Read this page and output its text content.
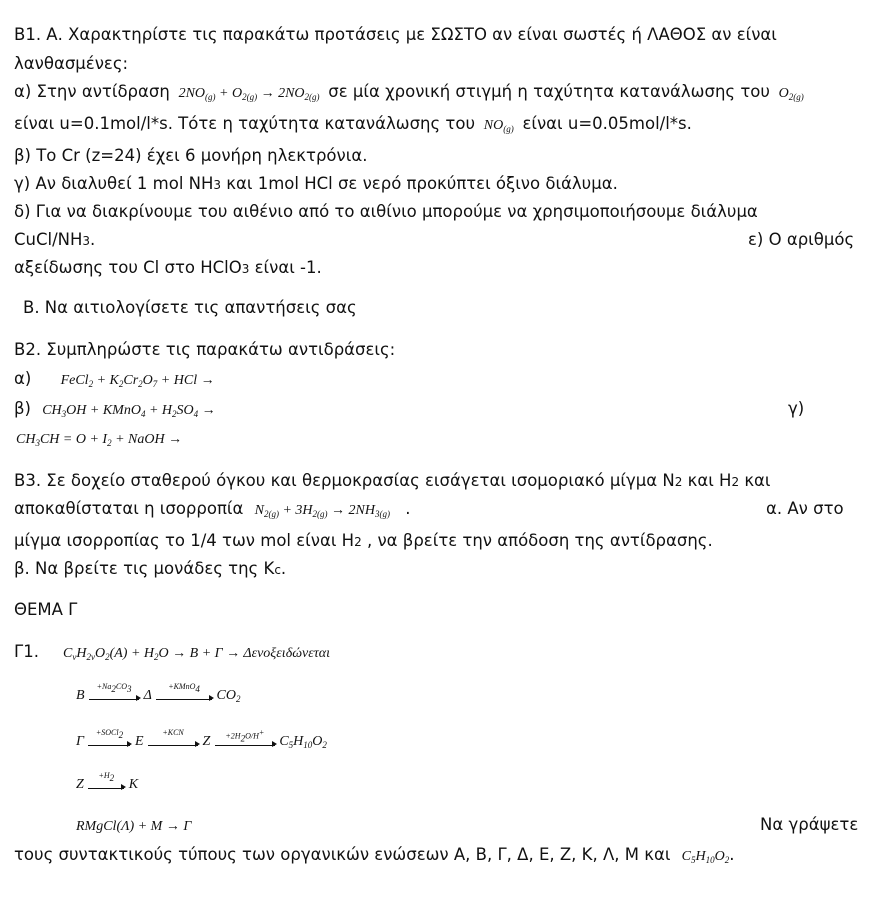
Β1. Α. Χαρακτηρίστε τις παρακάτω προτάσεις με ΣΩΣΤΟ αν είναι σωστές ή ΛΑΘΟΣ αν είναι
λανθασμένες:
α) Στην αντίδραση  $2NO_{(g)} + O_{2(g)} \to 2NO_{2(g)}$ σε μία χρονική στιγμή η ταχύτητα κατανάλωσης του  $O_{2(g)}$
είναι u=0.1mol/l*s. Τότε η ταχύτητα κατανάλωσης του  $NO_{(g)}$ είναι u=0.05mol/l*s.
β) Το Cr (z=24) έχει 6 μονήρη ηλεκτρόνια.
γ) Αν διαλυθεί 1 mol NH3 και 1mol HCl σε νερό προκύπτει όξινο διάλυμα.
δ) Για να διακρίνουμε του αιθένιο από το αιθίνιο μπορούμε να χρησιμοποιήσουμε διάλυμα
CuCl/NH3.	ε) Ο αριθμός
αξείδωσης του Cl στο HClO3 είναι -1.
Β. Να αιτιολογίσετε τις απαντήσεις σας
Β2. Συμπληρώστε τις παρακάτω αντιδράσεις:
α) FeCl$_2$ + $K_2Cr_2O_7$ + HCl →
β) $CH_3OH$ + KMnO$_4$ + $H_2SO_4$ →	γ)
$CH_3CH = O + I_2$ + NaOH →
Β3. Σε δοχείο σταθερού όγκου και θερμοκρασίας εισάγεται ισομοριακό μίγμα Ν2 και Η2 και
αποκαθίσταται η ισορροπία $N_{2(g)} + 3H_{2(g)} \to 2NH_{3(g)}$ .	α. Αν στο
μίγμα ισορροπίας το 1/4 των mol είναι Η2 , να βρείτε την απόδοση της αντίδρασης.
β. Να βρείτε τις μονάδες της Κc.
ΘΕΜΑ Γ
Γ1. $C_\nu H_{2\nu}O_2(A) + H_2O \to B + \Gamma \to \Delta\varepsilon\nu o\xi\varepsilon\iota\delta ώ\nu\varepsilon\tau\alpha\iota$
B
$+Na_2CO_3$ Δ
+KMnO$_4$ $CO_2$
Γ
+SOCl$_2$ E
+KCN
Z	$+2H_2O/H^+$
$C_5H_{10}O_2$
Z
$+H_2$ K
RMgCl(Λ) + M → Γ	Να γράψετε
τους συντακτικούς τύπους των οργανικών ενώσεων Α, Β, Γ, Δ, Ε, Ζ, Κ, Λ, Μ και $C_5H_{10}O_2$.
